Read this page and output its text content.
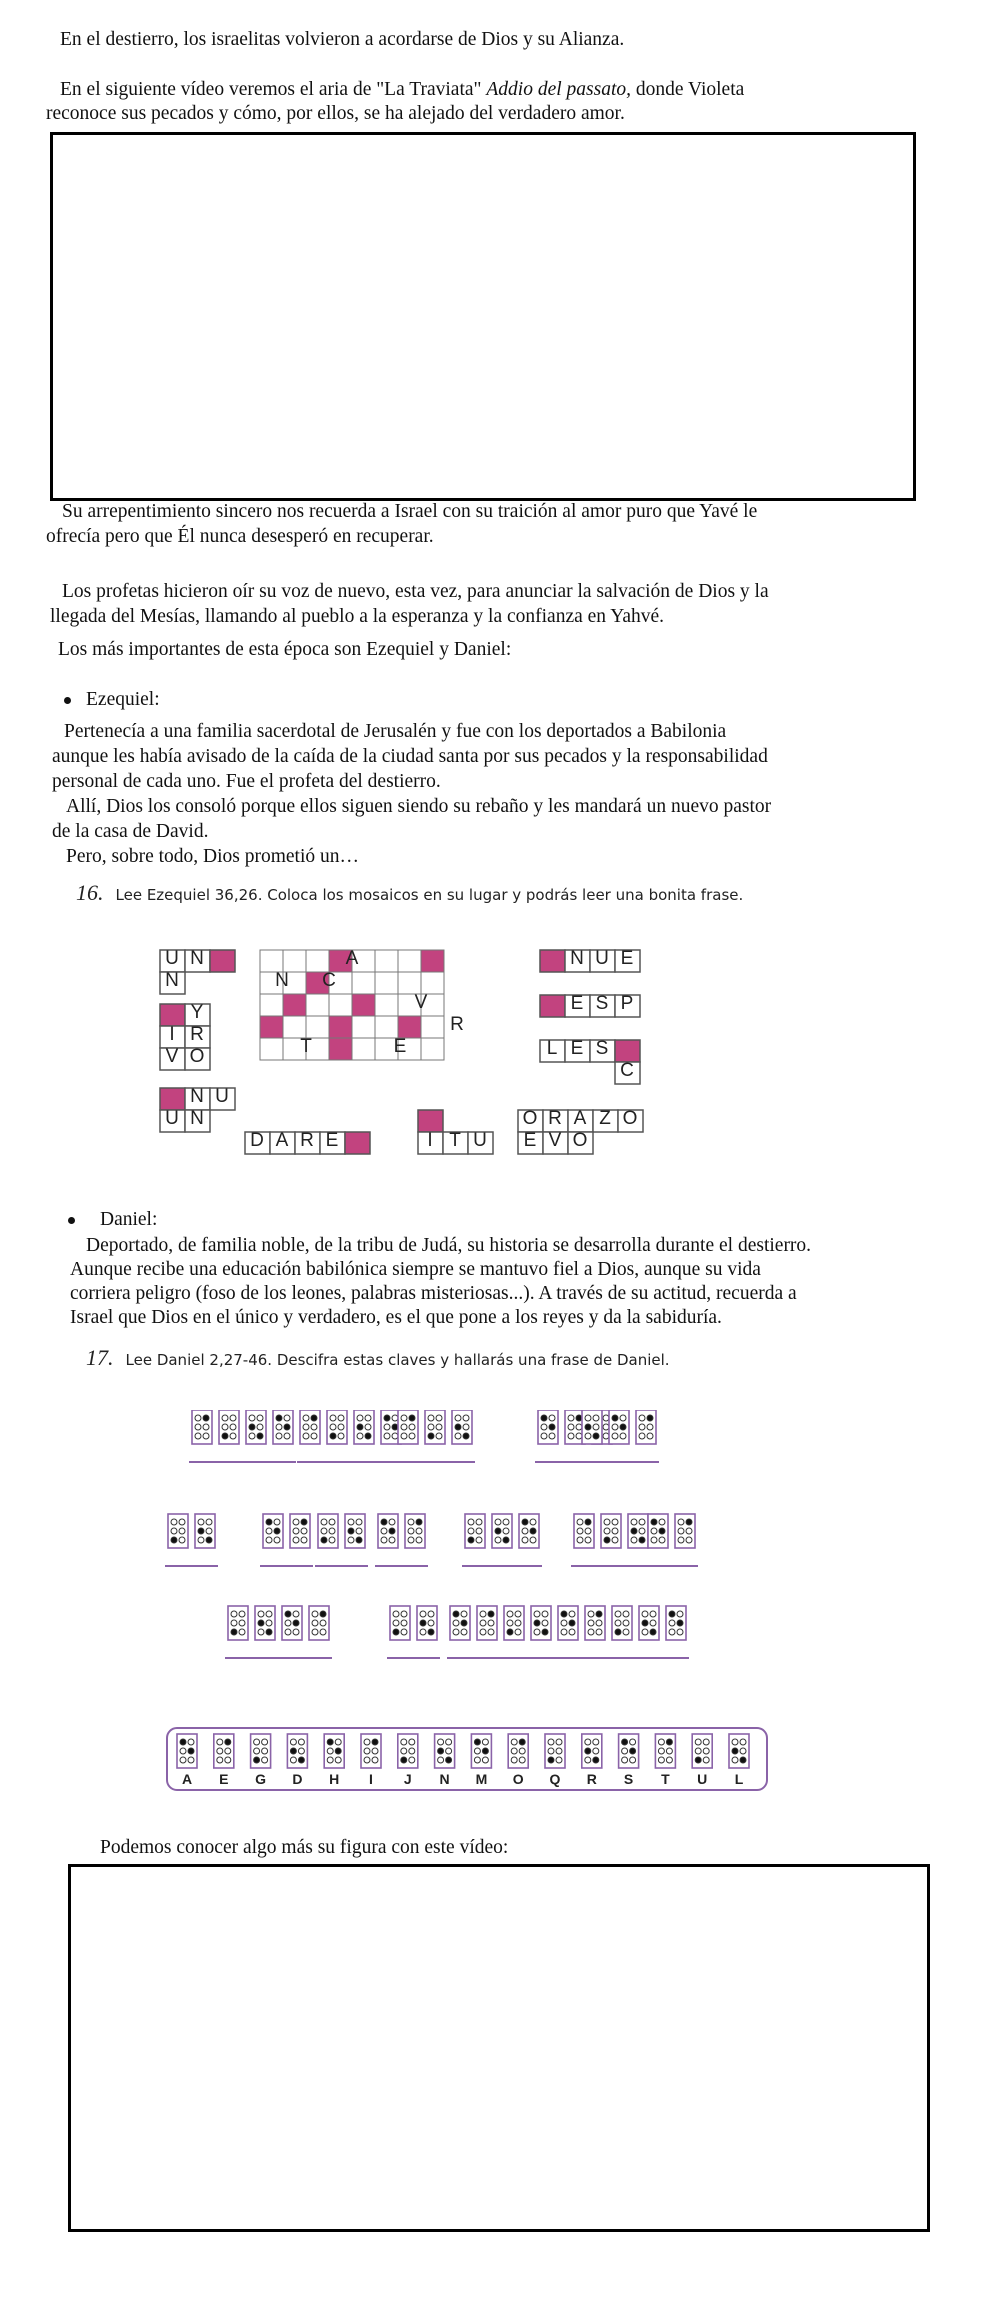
En el destierro, los israelitas volvieron a acordarse de Dios y su Alianza.
En el siguiente vídeo veremos el aria de "La Traviata" Addio del passato, donde Violeta
reconoce sus pecados y cómo, por ellos, se ha alejado del verdadero amor.
Su arrepentimiento sincero nos recuerda a Israel con su traición al amor puro que Yavé le
ofrecía pero que Él nunca desesperó en recuperar.
Los profetas hicieron oír su voz de nuevo, esta vez, para anunciar la salvación de Dios y la
llegada del Mesías, llamando al pueblo a la esperanza y la confianza en Yahvé.
Los más importantes de esta época son Ezequiel y Daniel:
Ezequiel:
Pertenecía a una familia sacerdotal de Jerusalén y fue con los deportados a Babilonia
aunque les había avisado de la caída de la ciudad santa por sus pecados y la responsabilidad
personal de cada uno. Fue el profeta del destierro.
Allí, Dios los consoló porque ellos siguen siendo su rebaño y les mandará un nuevo pastor
de la casa de David.
Pero, sobre todo, Dios prometió un…
16. Lee Ezequiel 36,26. Coloca los mosaicos en su lugar y podrás leer una bonita frase.
U N
N
Y
I R
V O
N U
U N
N C
A
V
R
T	E
N U E
E S P
L E S
C
O R A Z O
D A R E	I T U E V O
Daniel:
Deportado, de familia noble, de la tribu de Judá, su historia se desarrolla durante el destierro.
Aunque recibe una educación babilónica siempre se mantuvo fiel a Dios, aunque su vida
corriera peligro (foso de los leones, palabras misteriosas...). A través de su actitud, recuerda a
Israel que Dios en el único y verdadero, es el que pone a los reyes y da la sabiduría.
17. Lee Daniel 2,27-46. Descifra estas claves y hallarás una frase de Daniel.
A E G D H I J N M O Q R S T U L
Podemos conocer algo más su figura con este vídeo:
